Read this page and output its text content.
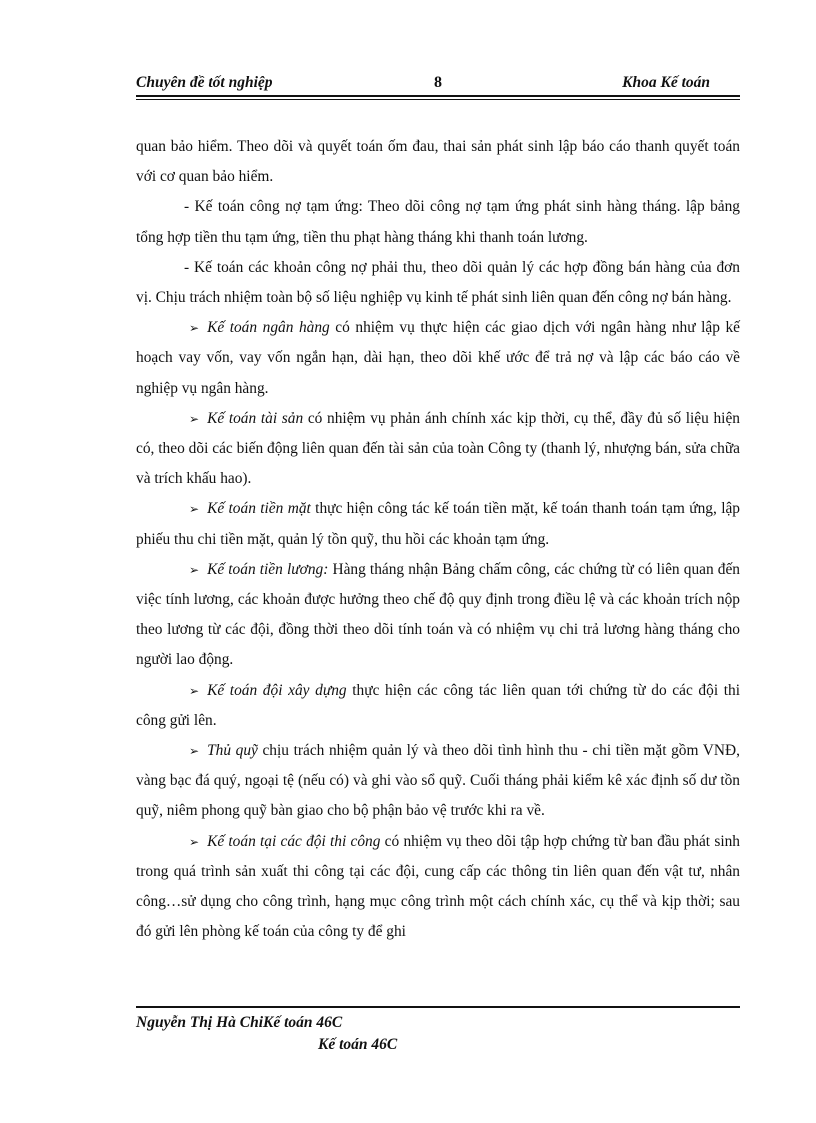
Chuyên đề tốt nghiệp	8	Khoa Kế toán

quan bảo hiểm. Theo dõi và quyết toán ốm đau, thai sản phát sinh lập báo cáo thanh quyết toán với cơ quan bảo hiểm.

- Kế toán công nợ tạm ứng: Theo dõi công nợ tạm ứng phát sinh hàng tháng. lập bảng tổng hợp tiền thu tạm ứng, tiền thu phạt hàng tháng khi thanh toán lương.

- Kế toán các khoản công nợ phải thu, theo dõi quản lý các hợp đồng bán hàng của đơn vị. Chịu trách nhiệm toàn bộ số liệu nghiệp vụ kinh tế phát sinh liên quan đến công nợ bán hàng.

➢ Kế toán ngân hàng có nhiệm vụ thực hiện các giao dịch với ngân hàng như lập kế hoạch vay vốn, vay vốn ngắn hạn, dài hạn, theo dõi khế ước để trả nợ và lập các báo cáo về nghiệp vụ ngân hàng.

➢ Kế toán tài sản có nhiệm vụ phản ánh chính xác kịp thời, cụ thể, đầy đủ số liệu hiện có, theo dõi các biến động liên quan đến tài sản của toàn Công ty (thanh lý, nhượng bán, sửa chữa và trích khấu hao).

➢ Kế toán tiền mặt thực hiện công tác kế toán tiền mặt, kế toán thanh toán tạm ứng, lập phiếu thu chi tiền mặt, quản lý tồn quỹ, thu hồi các khoản tạm ứng.

➢ Kế toán tiền lương: Hàng tháng nhận Bảng chấm công, các chứng từ có liên quan đến việc tính lương, các khoản được hưởng theo chế độ quy định trong điều lệ và các khoản trích nộp theo lương từ các đội, đồng thời theo dõi tính toán và có nhiệm vụ chi trả lương hàng tháng cho người lao động.

➢ Kế toán đội xây dựng thực hiện các công tác liên quan tới chứng từ do các đội thi công gửi lên.

➢ Thủ quỹ chịu trách nhiệm quản lý và theo dõi tình hình thu - chi tiền mặt gồm VNĐ, vàng bạc đá quý, ngoại tệ (nếu có) và ghi vào sổ quỹ. Cuối tháng phải kiểm kê xác định số dư tồn quỹ, niêm phong quỹ bàn giao cho bộ phận bảo vệ trước khi ra về.

➢ Kế toán tại các đội thi công có nhiệm vụ theo dõi tập hợp chứng từ ban đầu phát sinh trong quá trình sản xuất thi công tại các đội, cung cấp các thông tin liên quan đến vật tư, nhân công…sử dụng cho công trình, hạng mục công trình một cách chính xác, cụ thể và kịp thời; sau đó gửi lên phòng kế toán của công ty để ghi

Nguyễn Thị Hà ChiKế toán 46C
Kế toán 46C
